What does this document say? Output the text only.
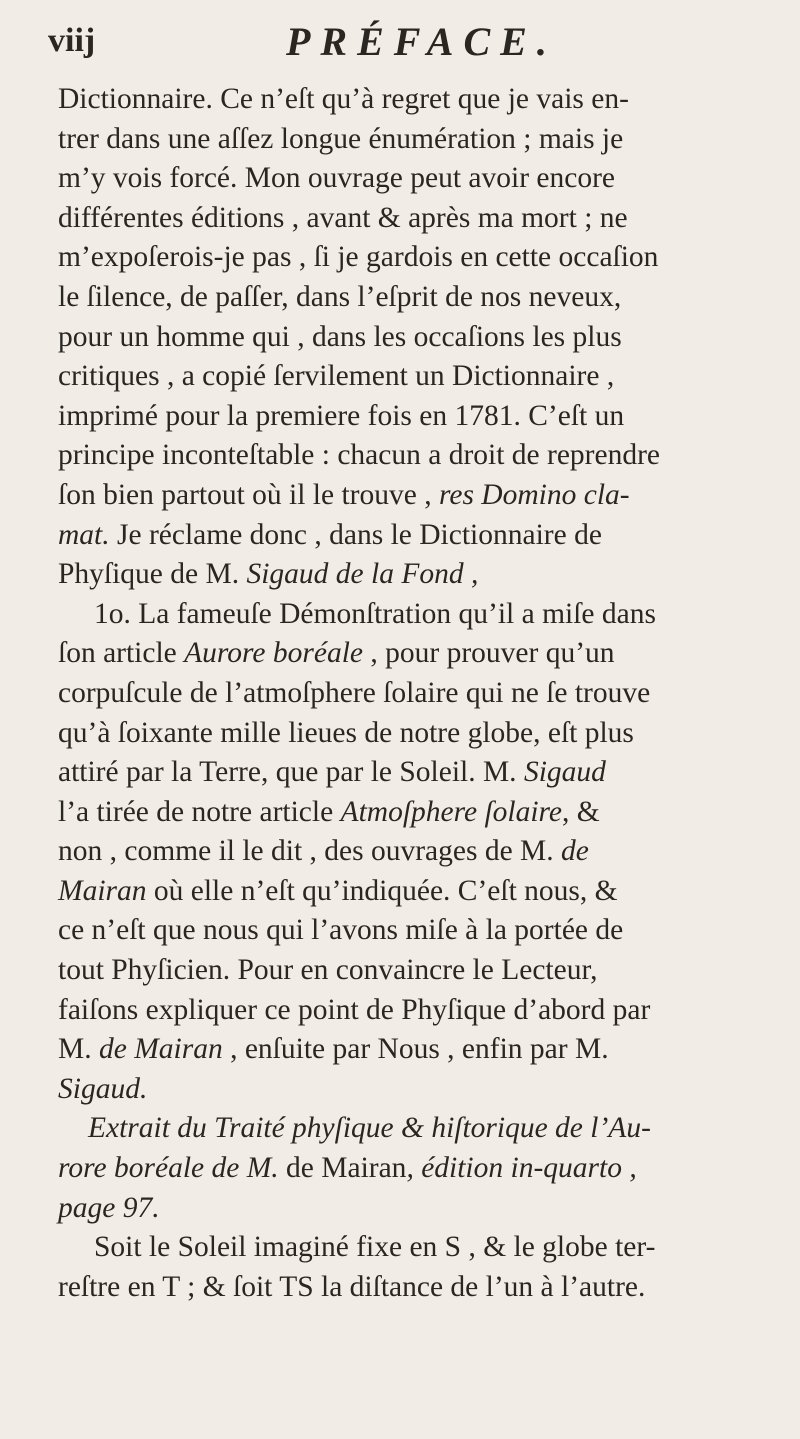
viij	PRÉFACE.
Dictionnaire. Ce n’eſt qu’à regret que je vais en-
trer dans une aſſez longue énumération ; mais je
m’y vois forcé. Mon ouvrage peut avoir encore
différentes éditions , avant & après ma mort ; ne
m’expoſerois-je pas , ſi je gardois en cette occaſion
le ſilence, de paſſer, dans l’eſprit de nos neveux,
pour un homme qui , dans les occaſions les plus
critiques , a copié ſervilement un Dictionnaire ,
imprimé pour la premiere fois en 1781. C’eſt un
principe inconteſtable : chacun a droit de reprendre
ſon bien partout où il le trouve , res Domino cla-
mat. Je réclame donc , dans le Dictionnaire de
Phyſique de M. Sigaud de la Fond ,
1o. La fameuſe Démonſtration qu’il a miſe dans
ſon article Aurore boréale , pour prouver qu’un
corpuſcule de l’atmoſphere ſolaire qui ne ſe trouve
qu’à ſoixante mille lieues de notre globe, eſt plus
attiré par la Terre, que par le Soleil. M. Sigaud
l’a tirée de notre article Atmoſphere ſolaire, &
non , comme il le dit , des ouvrages de M. de
Mairan où elle n’eſt qu’indiquée. C’eſt nous, &
ce n’eſt que nous qui l’avons miſe à la portée de
tout Phyſicien. Pour en convaincre le Lecteur,
faiſons expliquer ce point de Phyſique d’abord par
M. de Mairan , enſuite par Nous , enfin par M.
Sigaud.
Extrait du Traité phyſique & hiſtorique de l’Au-
rore boréale de M. de Mairan, édition in-quarto ,
page 97.
Soit le Soleil imaginé fixe en S , & le globe ter-
reſtre en T ; & ſoit TS la diſtance de l’un à l’autre.
